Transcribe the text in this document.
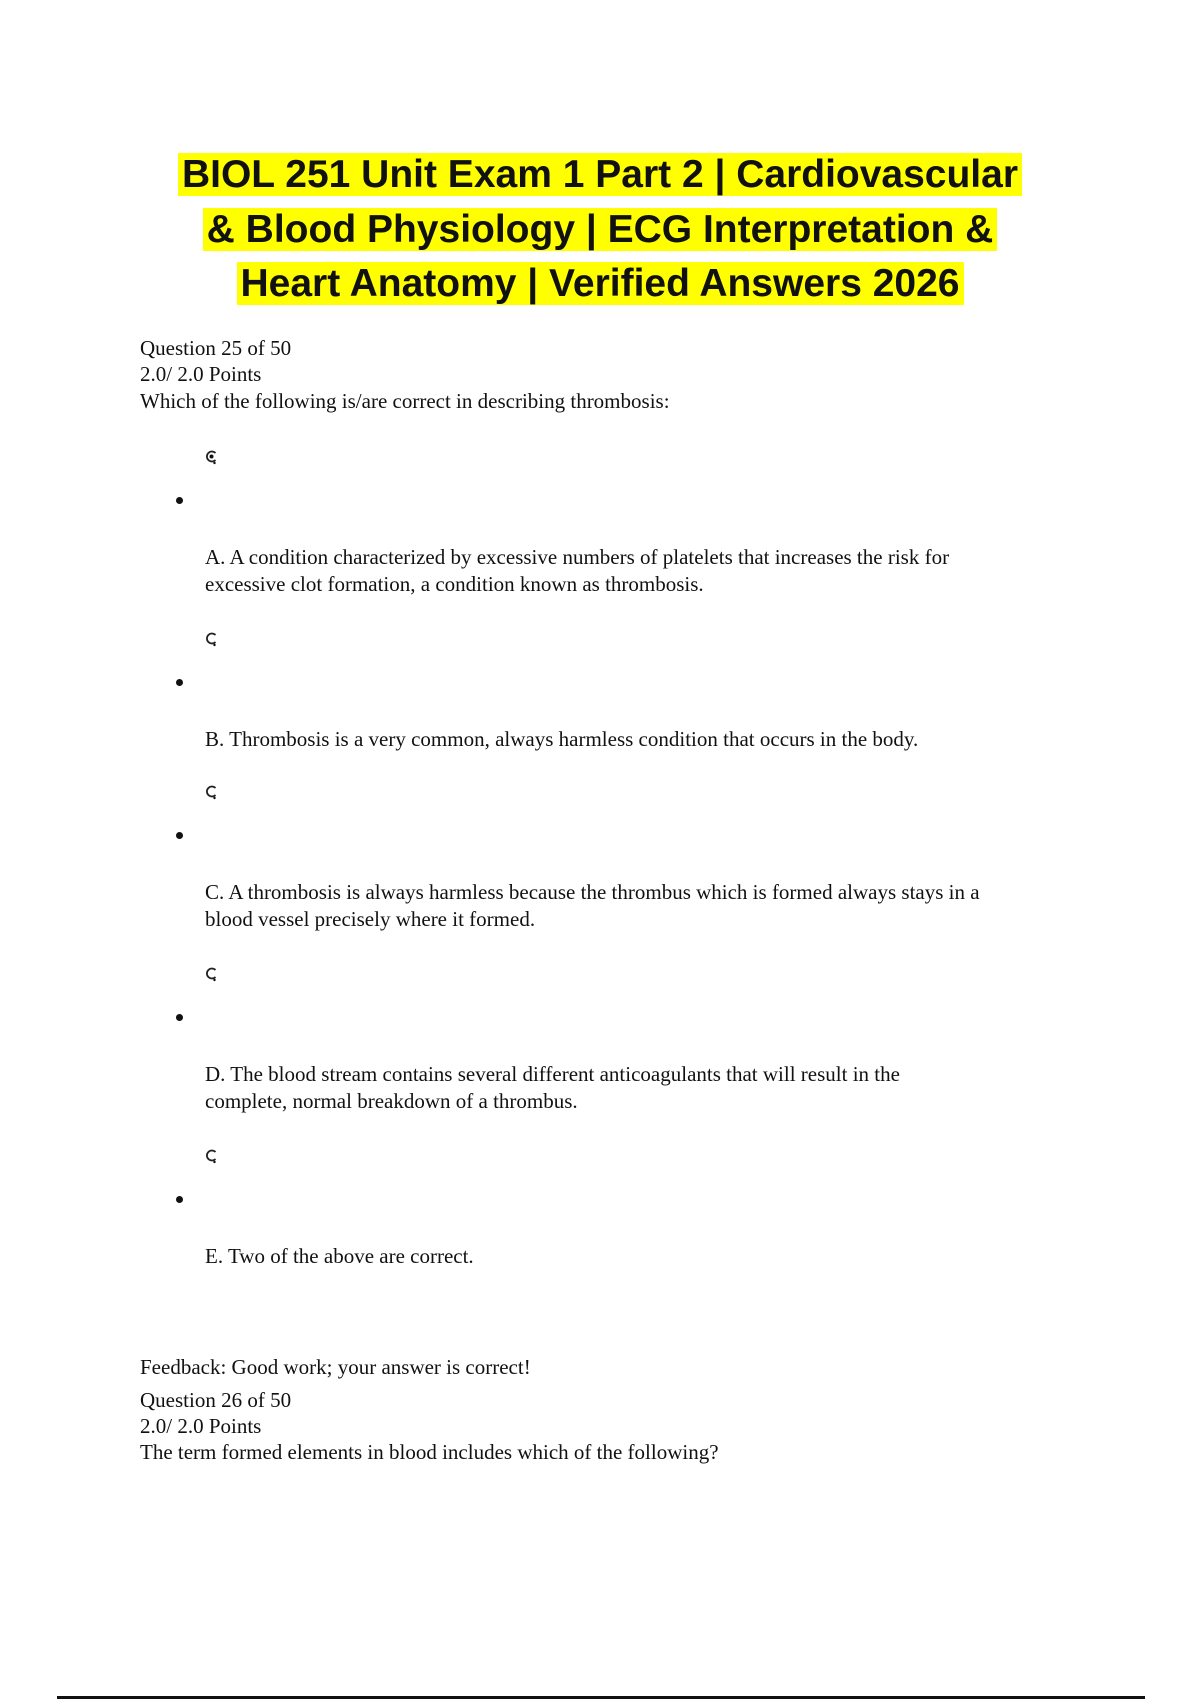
BIOL 251 Unit Exam 1 Part 2 | Cardiovascular
& Blood Physiology | ECG Interpretation &
Heart Anatomy | Verified Answers 2026
Question 25 of 50
2.0/ 2.0 Points
Which of the following is/are correct in describing thrombosis:
A. A condition characterized by excessive numbers of platelets that increases the risk for excessive clot formation, a condition known as thrombosis.
B. Thrombosis is a very common, always harmless condition that occurs in the body.
C. A thrombosis is always harmless because the thrombus which is formed always stays in a blood vessel precisely where it formed.
D. The blood stream contains several different anticoagulants that will result in the complete, normal breakdown of a thrombus.
E. Two of the above are correct.
Feedback: Good work; your answer is correct!
Question 26 of 50
2.0/ 2.0 Points
The term formed elements in blood includes which of the following?
